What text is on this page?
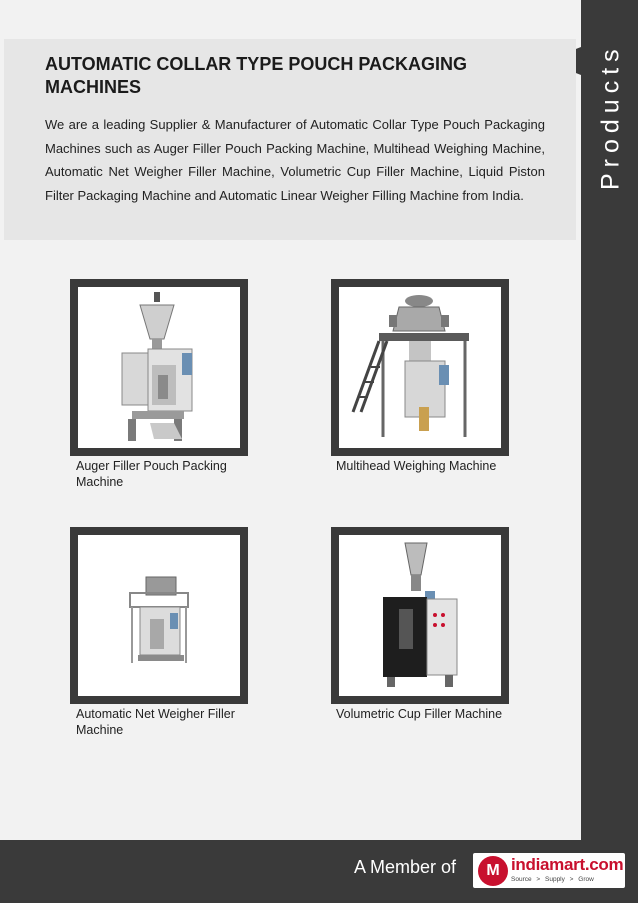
Products
AUTOMATIC COLLAR TYPE POUCH PACKAGING MACHINES

We are a leading Supplier & Manufacturer of Automatic Collar Type Pouch Packaging Machines such as Auger Filler Pouch Packing Machine, Multihead Weighing Machine, Automatic Net Weigher Filler Machine, Volumetric Cup Filler Machine, Liquid Piston Filter Packaging Machine and Automatic Linear Weigher Filling Machine from India.

Auger Filler Pouch Packing Machine
Multihead Weighing Machine
Automatic Net Weigher Filler Machine
Volumetric Cup Filler Machine
A Member of	M indiamart.com
Source > Supply > Grow
